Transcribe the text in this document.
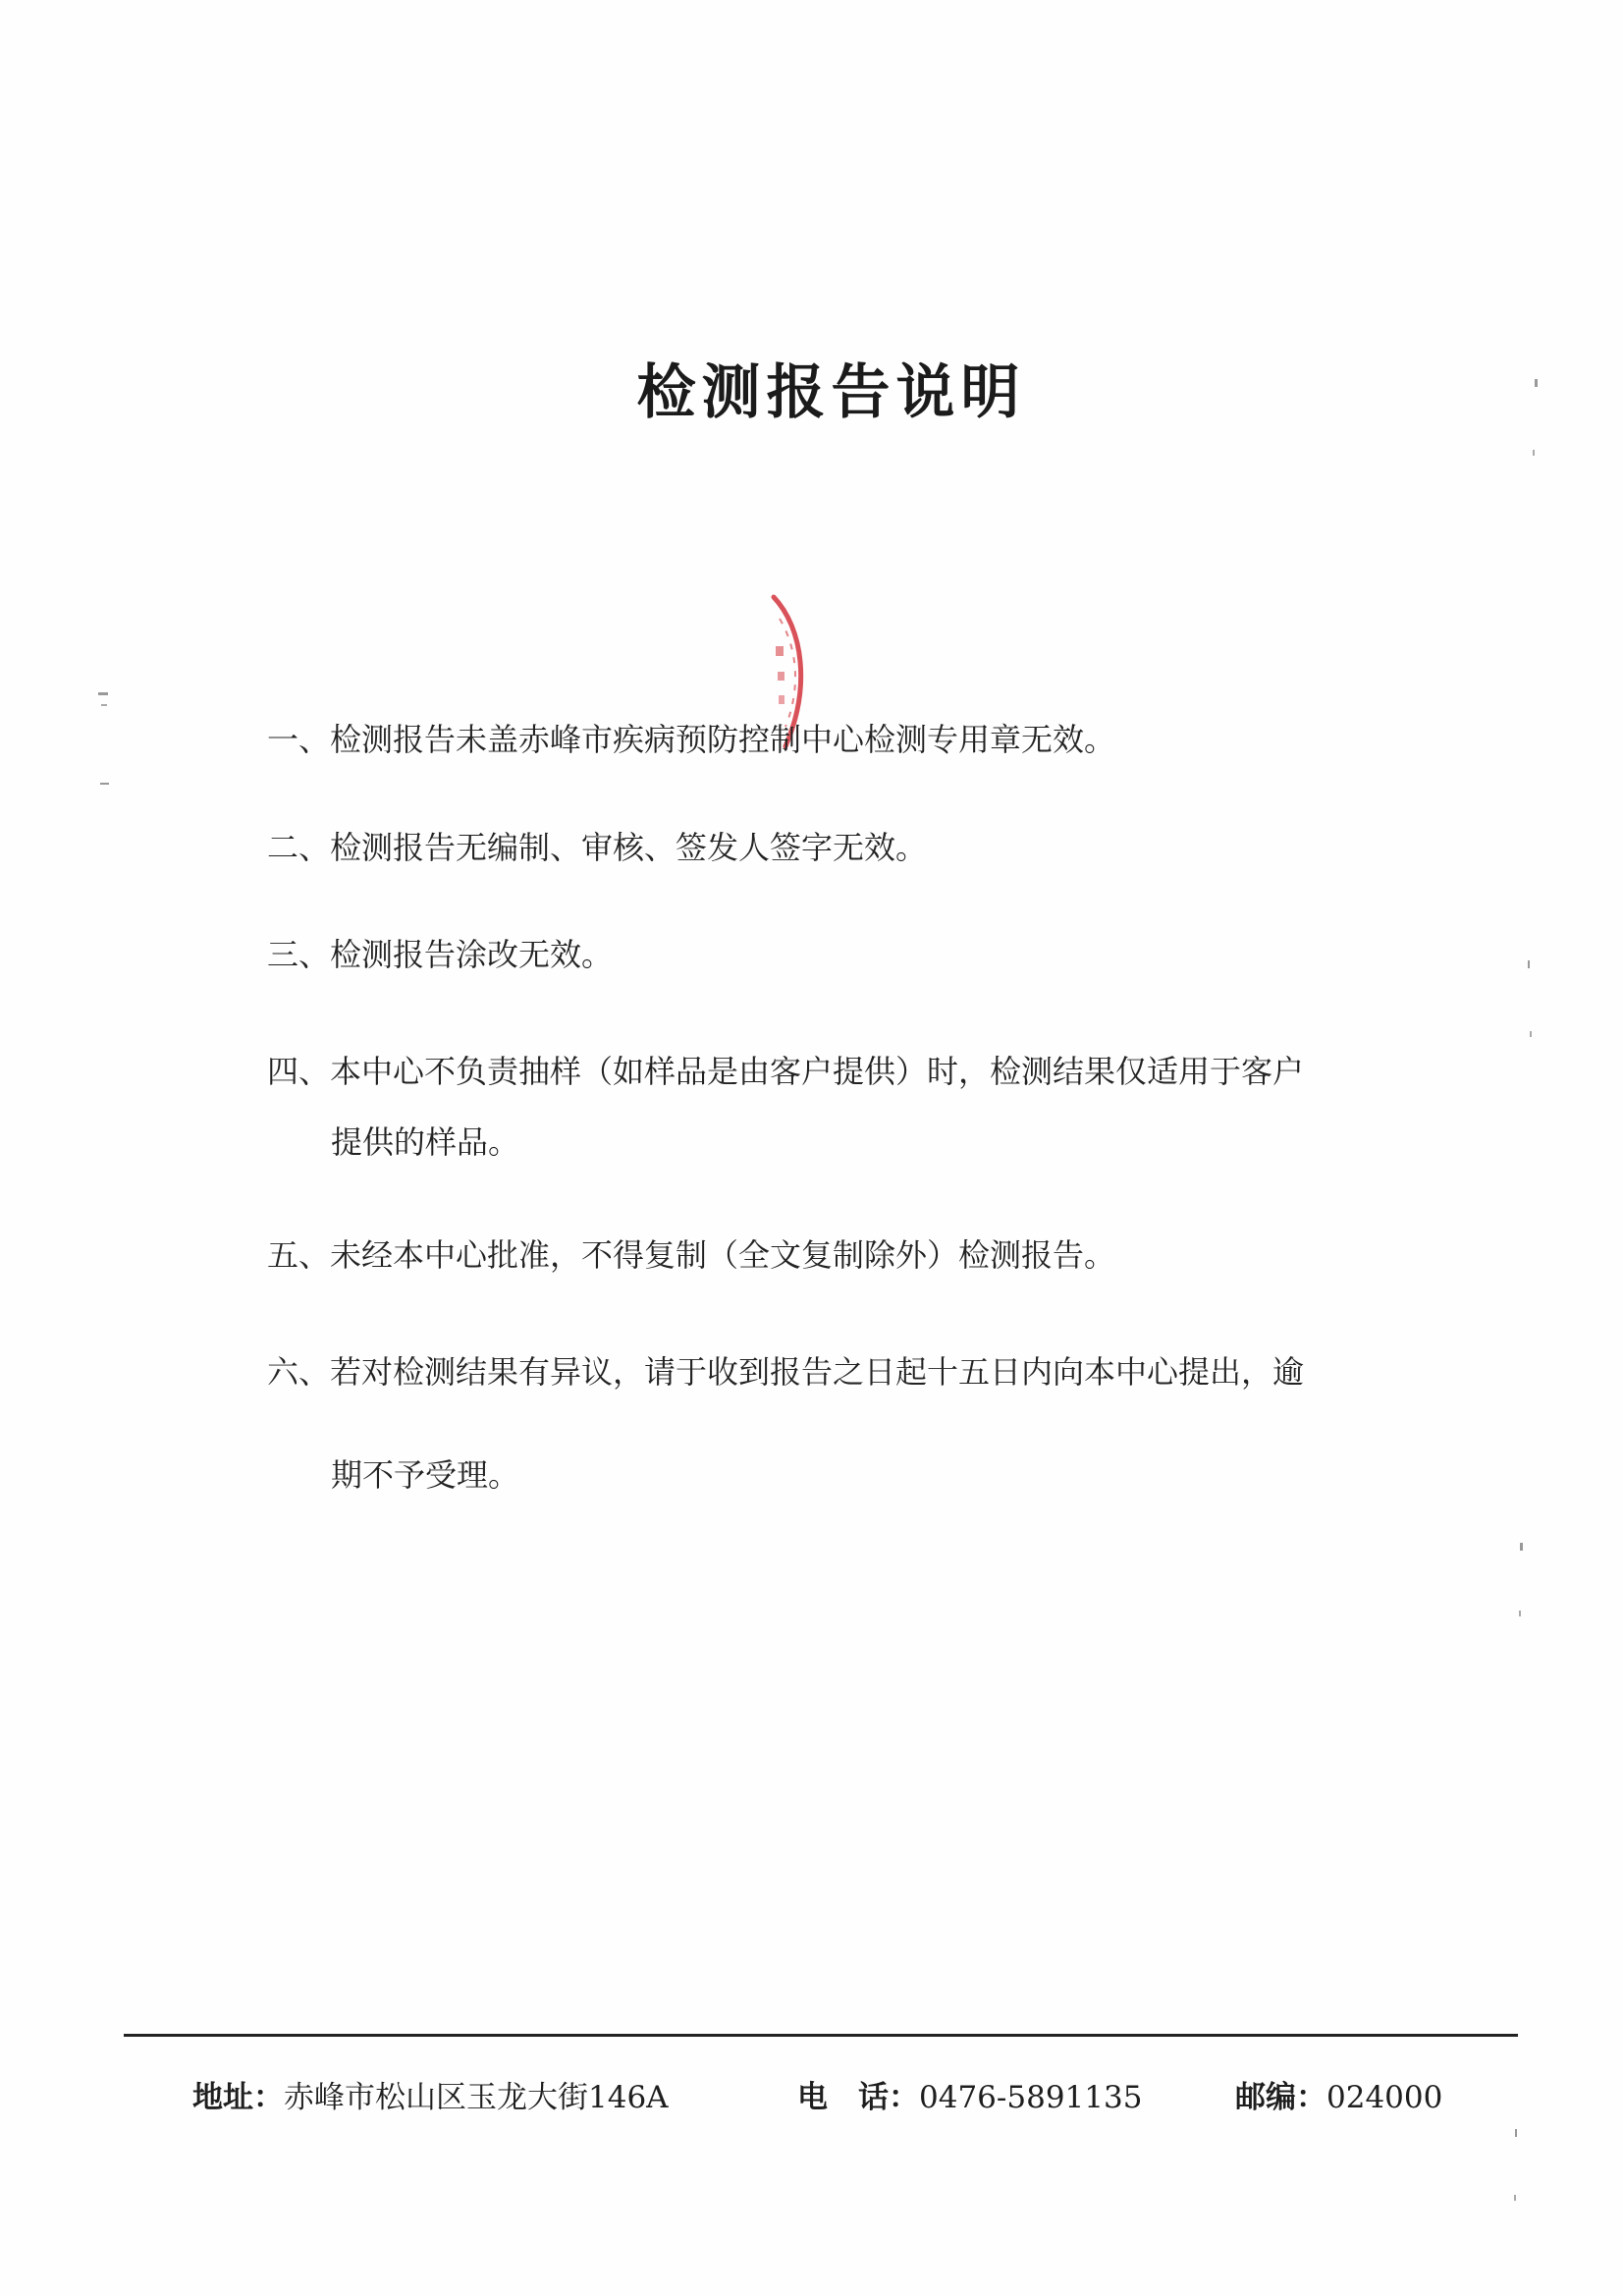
检测报告说明
一、检测报告未盖赤峰市疾病预防控制中心检测专用章无效。
二、检测报告无编制、审核、签发人签字无效。
三、检测报告涂改无效。
四、本中心不负责抽样（如样品是由客户提供）时，检测结果仅适用于客户
提供的样品。
五、未经本中心批准，不得复制（全文复制除外）检测报告。
六、若对检测结果有异议，请于收到报告之日起十五日内向本中心提出，逾
期不予受理。
地址：赤峰市松山区玉龙大街146A	电　话：0476-5891135	邮编：024000
